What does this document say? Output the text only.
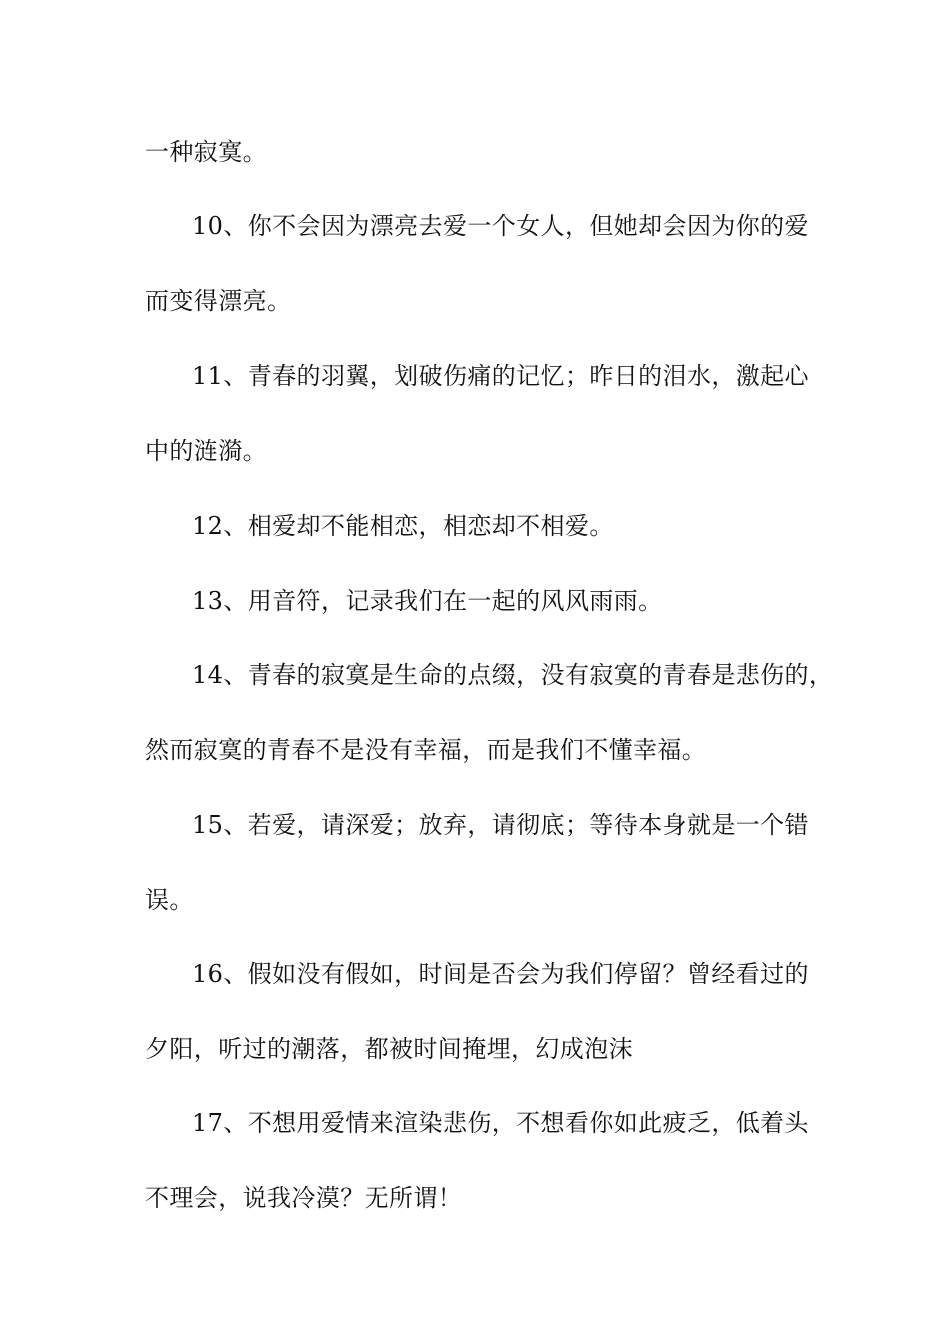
一种寂寞。
10、你不会因为漂亮去爱一个女人，但她却会因为你的爱
而变得漂亮。
11、青春的羽翼，划破伤痛的记忆；昨日的泪水，激起心
中的涟漪。
12、相爱却不能相恋，相恋却不相爱。
13、用音符，记录我们在一起的风风雨雨。
14、青春的寂寞是生命的点缀，没有寂寞的青春是悲伤的，
然而寂寞的青春不是没有幸福，而是我们不懂幸福。
15、若爱，请深爱；放弃，请彻底；等待本身就是一个错
误。
16、假如没有假如，时间是否会为我们停留？曾经看过的
夕阳，听过的潮落，都被时间掩埋，幻成泡沫
17、不想用爱情来渲染悲伤，不想看你如此疲乏，低着头
不理会，说我冷漠？无所谓！
